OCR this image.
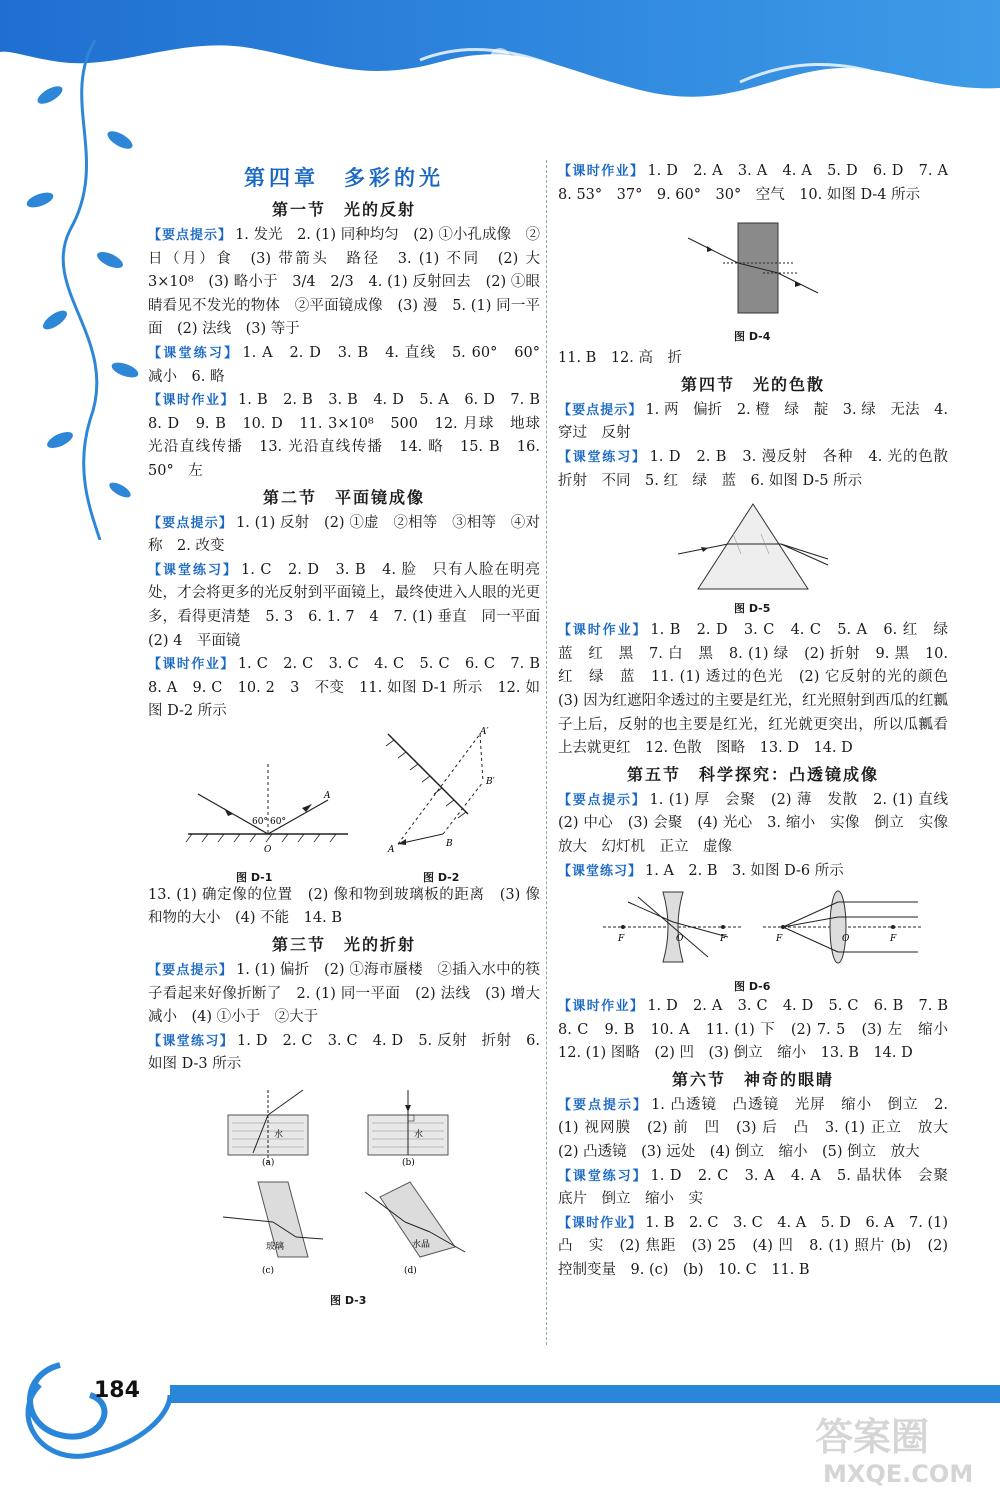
第四章　多彩的光
第一节　光的反射

【要点提示】 1. 发光　2. (1) 同种均匀　(2) ①小孔成像　②日（月）食　(3) 带箭头　路径　3. (1) 不同　(2) 大　3×10⁸　(3) 略小于　3/4　2/3　4. (1) 反射回去　(2) ①眼睛看见不发光的物体　②平面镜成像　(3) 漫　5. (1) 同一平面　(2) 法线　(3) 等于

【课堂练习】 1. A　2. D　3. B　4. 直线　5. 60°　60°　减小　6. 略

【课时作业】 1. B　2. B　3. B　4. D　5. A　6. D　7. B　8. D　9. B　10. D　11. 3×10⁸　500　12. 月球　地球　光沿直线传播　13. 光沿直线传播　14. 略　15. B　16. 50°　左

第二节　平面镜成像

【要点提示】 1. (1) 反射　(2) ①虚　②相等　③相等　④对称　2. 改变

【课堂练习】 1. C　2. D　3. B　4. 脸　只有人脸在明亮处，才会将更多的光反射到平面镜上，最终使进入人眼的光更多，看得更清楚　5. 3　6. 1. 7　4　7. (1) 垂直　同一平面　(2) 4　平面镜

【课时作业】 1. C　2. C　3. C　4. C　5. C　6. C　7. B　8. A　9. C　10. 2　3　不变　11. 如图 D-1 所示　12. 如图 D-2 所示

60° 60°
A
O
A′
B′
A
B
图 D-1	图 D-2

13. (1) 确定像的位置　(2) 像和物到玻璃板的距离　(3) 像和物的大小　(4) 不能　14. B

第三节　光的折射

【要点提示】 1. (1) 偏折　(2) ①海市蜃楼　②插入水中的筷子看起来好像折断了　2. (1) 同一平面　(2) 法线　(3) 增大　减小　(4) ①小于　②大于

【课堂练习】 1. D　2. C　3. C　4. D　5. 反射　折射　6. 如图 D-3 所示

水
(a)
水
(b)
玻璃
(c)
水晶
(d)
图 D-3

【课时作业】 1. D　2. A　3. A　4. A　5. D　6. D　7. A　8. 53°　37°　9. 60°　30°　空气　10. 如图 D-4 所示

图 D-4

11. B　12. 高　折

第四节　光的色散

【要点提示】 1. 两　偏折　2. 橙　绿　靛　3. 绿　无法　4. 穿过　反射

【课堂练习】 1. D　2. B　3. 漫反射　各种　4. 光的色散　折射　不同　5. 红　绿　蓝　6. 如图 D-5 所示

图 D-5

【课时作业】 1. B　2. D　3. C　4. C　5. A　6. 红　绿　蓝　红　黑　7. 白　黑　8. (1) 绿　(2) 折射　9. 黑　10. 红　绿　蓝　11. (1) 透过的色光　(2) 它反射的光的颜色　(3) 因为红遮阳伞透过的主要是红光，红光照射到西瓜的红瓤子上后，反射的也主要是红光，红光就更突出，所以瓜瓤看上去就更红　12. 色散　图略　13. D　14. D

第五节　科学探究：凸透镜成像

【要点提示】 1. (1) 厚　会聚　(2) 薄　发散　2. (1) 直线　(2) 中心　(3) 会聚　(4) 光心　3. 缩小　实像　倒立　实像　放大　幻灯机　正立　虚像

【课堂练习】 1. A　2. B　3. 如图 D-6 所示

F	O	F	F	O	F
图 D-6

【课时作业】 1. D　2. A　3. C　4. D　5. C　6. B　7. B　8. C　9. B　10. A　11. (1) 下　(2) 7. 5　(3) 左　缩小　12. (1) 图略　(2) 凹　(3) 倒立　缩小　13. B　14. D

第六节　神奇的眼睛

【要点提示】 1. 凸透镜　凸透镜　光屏　缩小　倒立　2. (1) 视网膜　(2) 前　凹　(3) 后　凸　3. (1) 正立　放大　(2) 凸透镜　(3) 远处　(4) 倒立　缩小　(5) 倒立　放大

【课堂练习】 1. D　2. C　3. A　4. A　5. 晶状体　会聚　底片　倒立　缩小　实

【课时作业】 1. B　2. C　3. C　4. A　5. D　6. A　7. (1) 凸　实　(2) 焦距　(3) 25　(4) 凹　8. (1) 照片 (b)　(2) 控制变量　9. (c)　(b)　10. C　11. B

184
答案圈
MXQE.COM
